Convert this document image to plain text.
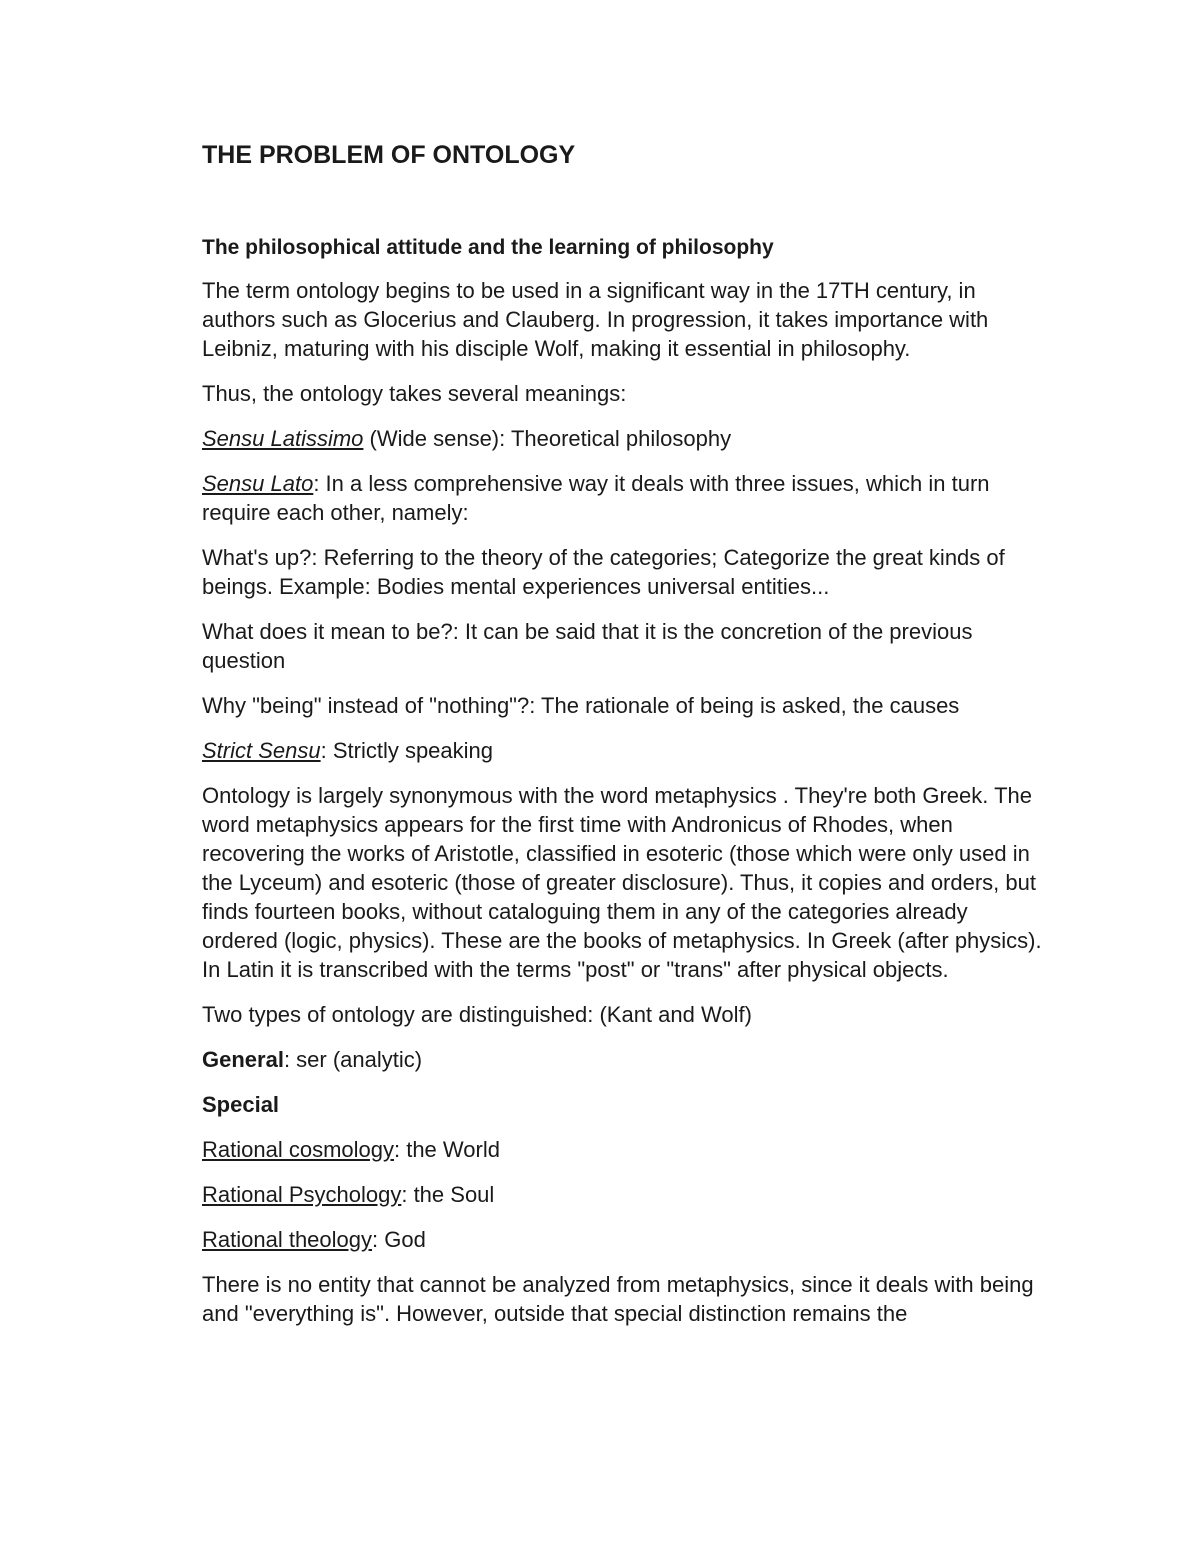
THE PROBLEM OF ONTOLOGY
The philosophical attitude and the learning of philosophy

The term ontology begins to be used in a significant way in the 17TH century, in authors such as Glocerius and Clauberg. In progression, it takes importance with Leibniz, maturing with his disciple Wolf, making it essential in philosophy.

Thus, the ontology takes several meanings:

Sensu Latissimo (Wide sense): Theoretical philosophy

Sensu Lato: In a less comprehensive way it deals with three issues, which in turn require each other, namely:

What's up?: Referring to the theory of the categories; Categorize the great kinds of beings. Example: Bodies mental experiences universal entities...

What does it mean to be?: It can be said that it is the concretion of the previous question

Why "being" instead of "nothing"?: The rationale of being is asked, the causes

Strict Sensu: Strictly speaking

Ontology is largely synonymous with the word metaphysics . They're both Greek. The word metaphysics appears for the first time with Andronicus of Rhodes, when recovering the works of Aristotle, classified in esoteric (those which were only used in the Lyceum) and esoteric (those of greater disclosure). Thus, it copies and orders, but finds fourteen books, without cataloguing them in any of the categories already ordered (logic, physics). These are the books of metaphysics. In Greek (after physics). In Latin it is transcribed with the terms "post" or "trans" after physical objects.

Two types of ontology are distinguished: (Kant and Wolf)

General: ser (analytic)

Special

Rational cosmology: the World

Rational Psychology: the Soul

Rational theology: God

There is no entity that cannot be analyzed from metaphysics, since it deals with being and "everything is". However, outside that special distinction remains the
